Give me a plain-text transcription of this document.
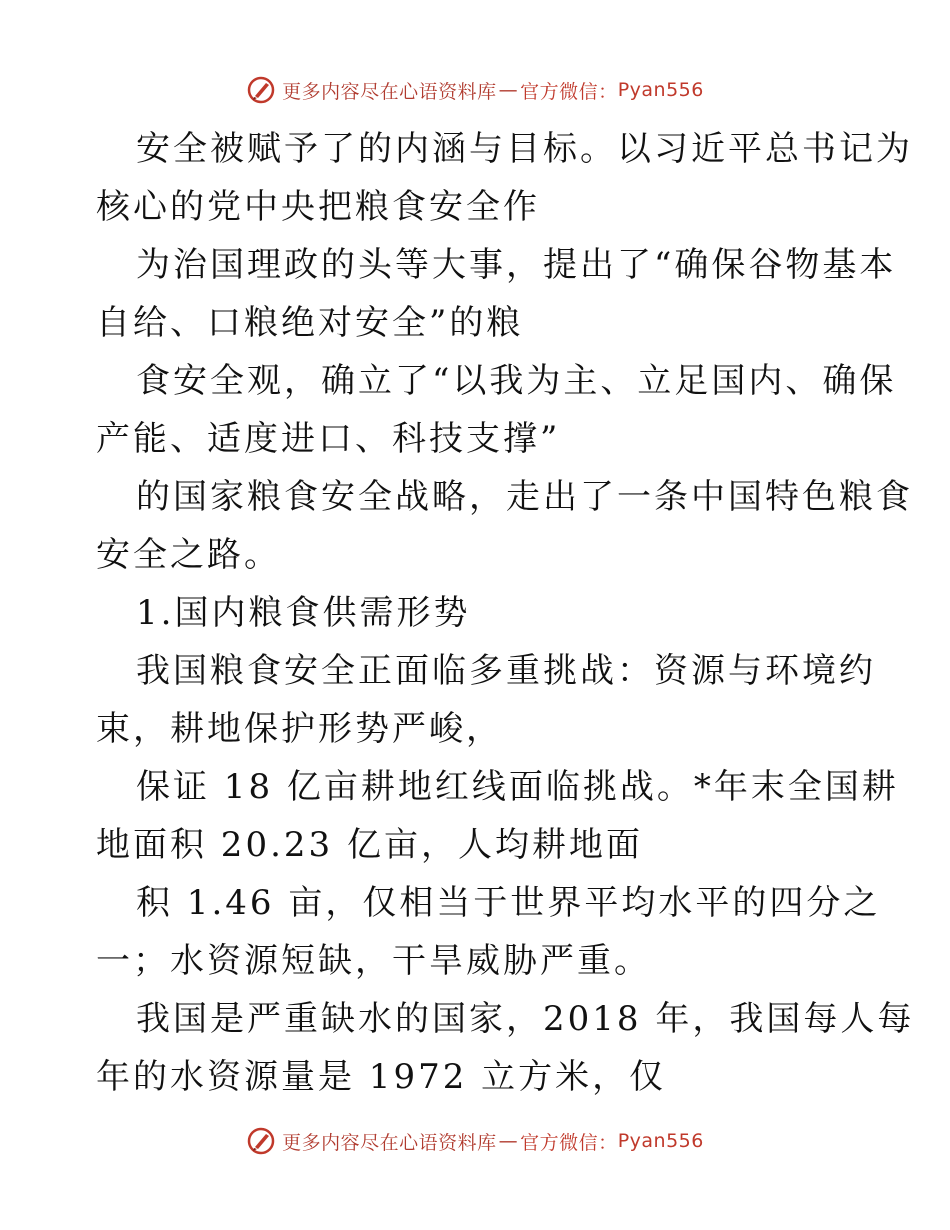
更多内容尽在心语资料库 — 官方微信： Pyan556
安全被赋予了的内涵与目标。以习近平总书记为
核心的党中央把粮食安全作
为治国理政的头等大事，提出了“确保谷物基本
自给、口粮绝对安全”的粮
食安全观，确立了“以我为主、立足国内、确保
产能、适度进口、科技支撑”
的国家粮食安全战略，走出了一条中国特色粮食
安全之路。
1.国内粮食供需形势
我国粮食安全正面临多重挑战：资源与环境约
束，耕地保护形势严峻，
保证 18 亿亩耕地红线面临挑战。*年末全国耕
地面积 20.23 亿亩，人均耕地面
积 1.46 亩，仅相当于世界平均水平的四分之
一；水资源短缺，干旱威胁严重。
我国是严重缺水的国家，2018 年，我国每人每
年的水资源量是 1972 立方米，仅
更多内容尽在心语资料库 — 官方微信： Pyan556
